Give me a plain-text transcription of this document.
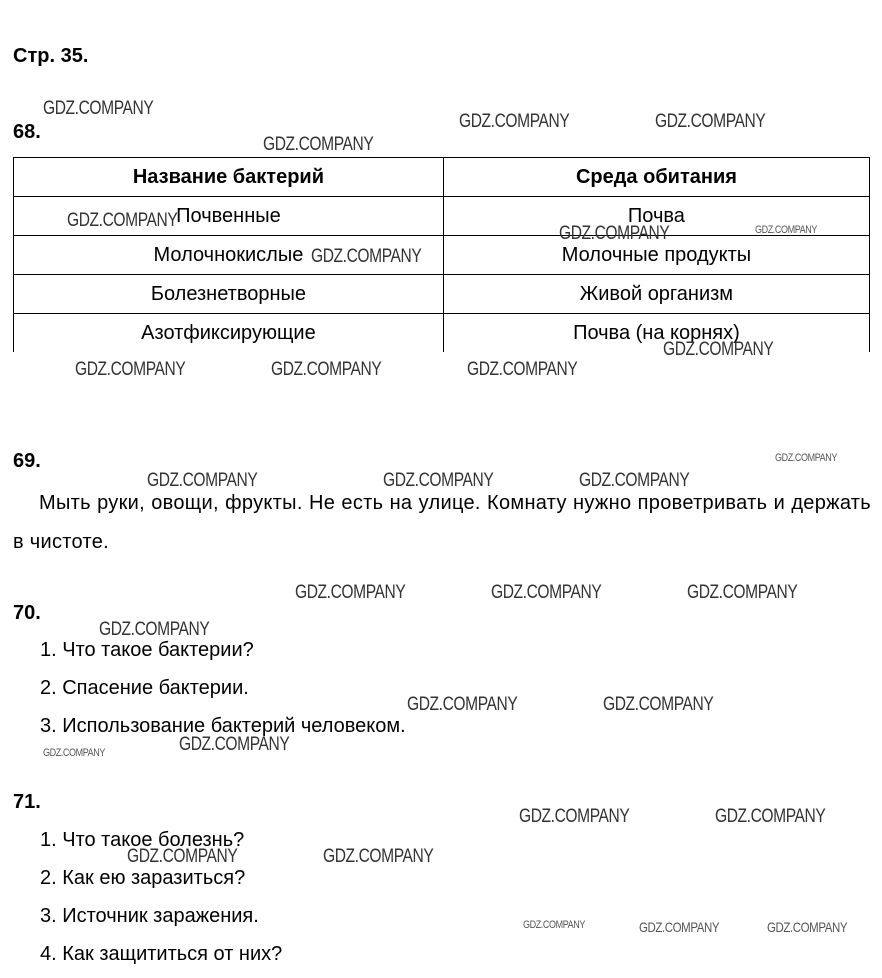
Стр. 35.
68.
Название бактерий	Среда обитания
Почвенные	Почва
Молочнокислые	Молочные продукты
Болезнетворные	Живой организм
Азотфиксирующие	Почва (на корнях)
69.
Мыть руки, овощи, фрукты. Не есть на улице. Комнату нужно проветривать и держать в чистоте.
70.
1. Что такое бактерии?
2. Спасение бактерии.
3. Использование бактерий человеком.
71.
1. Что такое болезнь?
2. Как ею заразиться?
3. Источник заражения.
4. Как защититься от них?
GDZ.COMPANY
GDZ.COMPANY	GDZ.COMPANY
GDZ.COMPANY
GDZ.COMPANY
GDZ.COMPANY	GDZ.COMPANY
GDZ.COMPANY
GDZ.COMPANY
GDZ.COMPANY	GDZ.COMPANY	GDZ.COMPANY
GDZ.COMPANY
GDZ.COMPANY	GDZ.COMPANY	GDZ.COMPANY
GDZ.COMPANY	GDZ.COMPANY	GDZ.COMPANY
GDZ.COMPANY
GDZ.COMPANY	GDZ.COMPANY
GDZ.COMPANY
GDZ.COMPANY
GDZ.COMPANY	GDZ.COMPANY
GDZ.COMPANY	GDZ.COMPANY
GDZ.COMPANY	GDZ.COMPANY	GDZ.COMPANY
